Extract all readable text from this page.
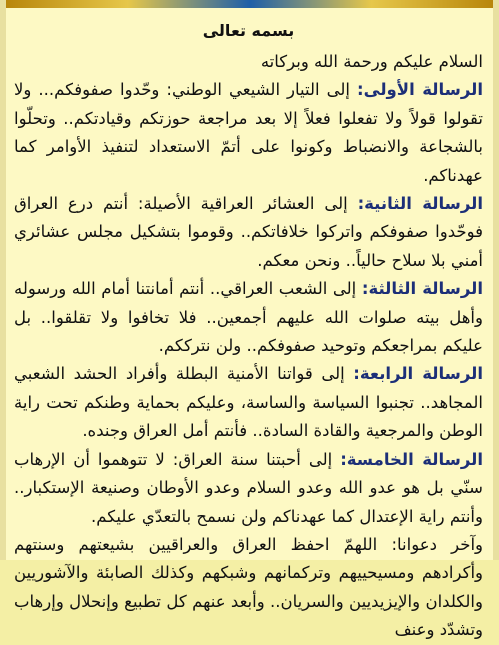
بسمه تعالى

السلام عليكم ورحمة الله وبركاته

الرسالة الأولى: إلى التيار الشيعي الوطني: وحّدوا صفوفكم... ولا تقولوا قولاً ولا تفعلوا فعلاً إلا بعد مراجعة حوزتكم وقيادتكم.. وتحلّوا بالشجاعة والانضباط وكونوا على أتمّ الاستعداد لتنفيذ الأوامر كما عهدناكم.

الرسالة الثانية: إلى العشائر العراقية الأصيلة: أنتم درع العراق فوحّدوا صفوفكم واتركوا خلافاتكم.. وقوموا بتشكيل مجلس عشائري أمني بلا سلاح حالياً.. ونحن معكم.

الرسالة الثالثة: إلى الشعب العراقي.. أنتم أمانتنا أمام الله ورسوله وأهل بيته صلوات الله عليهم أجمعين.. فلا تخافوا ولا تقلقوا.. بل عليكم بمراجعكم وتوحيد صفوفكم.. ولن نترككم.

الرسالة الرابعة: إلى قواتنا الأمنية البطلة وأفراد الحشد الشعبي المجاهد.. تجنبوا السياسة والساسة، وعليكم بحماية وطنكم تحت راية الوطن والمرجعية والقادة السادة.. فأنتم أمل العراق وجنده.

الرسالة الخامسة: إلى أحبتنا سنة العراق: لا تتوهموا أن الإرهاب سنّي بل هو عدو الله وعدو السلام وعدو الأوطان وصنيعة الإستكبار.. وأنتم راية الإعتدال كما عهدناكم ولن نسمح بالتعدّي عليكم.

وآخر دعوانا: اللهمّ احفظ العراق والعراقيين بشيعتهم وسنتهم وأكرادهم ومسيحييهم وتركمانهم وشبكهم وكذلك الصابئة والآشوريين والكلدان والإيزيديين والسريان.. وأبعد عنهم كل تطبيع وإنحلال وإرهاب وتشدّد وعنف
